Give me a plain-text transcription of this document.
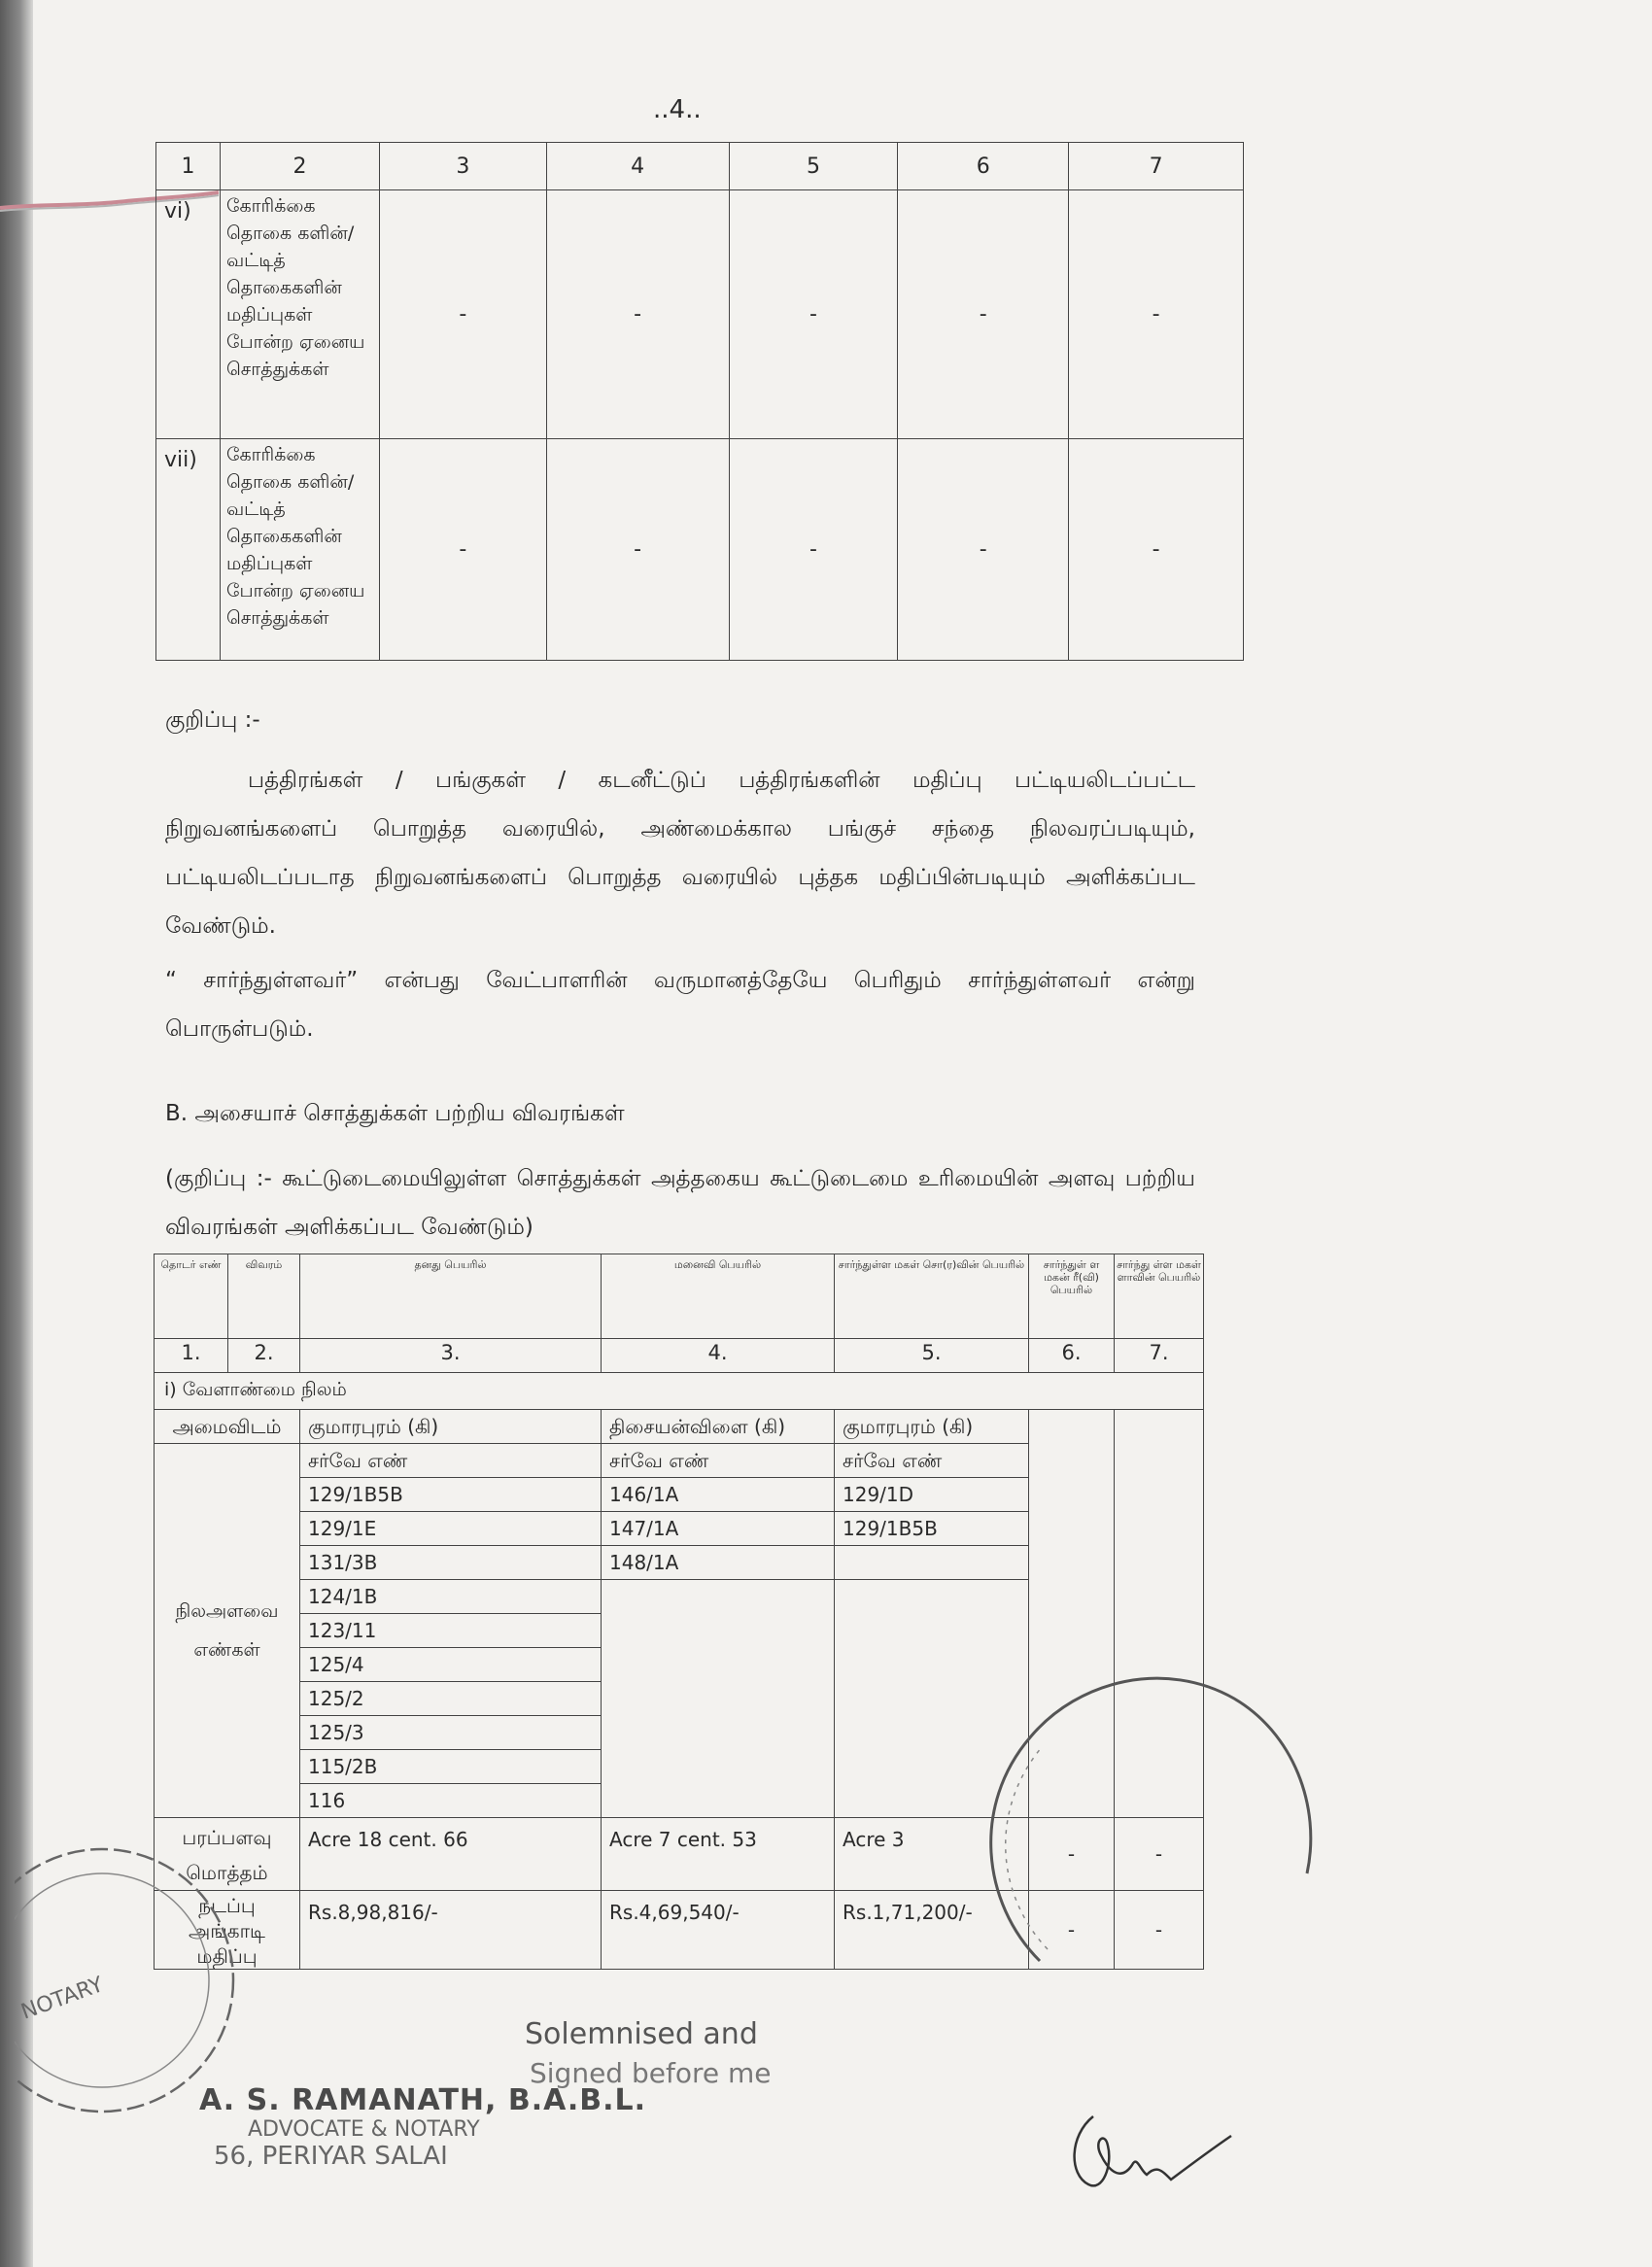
..4..
1	2	3	4	5	6	7
vi)	கோரிக்கை தொகை களின்/வட்டித் தொகைகளின் மதிப்புகள் போன்ற ஏனைய சொத்துக்கள்	-	-	-	-	-
vii)	கோரிக்கை தொகை களின்/வட்டித் தொகைகளின் மதிப்புகள் போன்ற ஏனைய சொத்துக்கள்	-	-	-	-	-
குறிப்பு :-
பத்திரங்கள் / பங்குகள் / கடனீட்டுப் பத்திரங்களின் மதிப்பு பட்டியலிடப்பட்ட நிறுவனங்களைப் பொறுத்த வரையில், அண்மைக்கால பங்குச் சந்தை நிலவரப்படியும், பட்டியலிடப்படாத நிறுவனங்களைப் பொறுத்த வரையில் புத்தக மதிப்பின்படியும் அளிக்கப்பட வேண்டும்.
“ சார்ந்துள்ளவர்” என்பது வேட்பாளரின் வருமானத்தேயே பெரிதும் சார்ந்துள்ளவர் என்று பொருள்படும்.
B. அசையாச் சொத்துக்கள் பற்றிய விவரங்கள்
(குறிப்பு :- கூட்டுடைமையிலுள்ள சொத்துக்கள் அத்தகைய கூட்டுடைமை உரிமையின் அளவு பற்றிய விவரங்கள் அளிக்கப்பட வேண்டும்)
தொடர் எண்	விவரம்	தனது பெயரில்	மனைவி பெயரில்	சார்ந்துள்ள மகள் சொ(ர)வின் பெயரில்	சார்ந்துள் ள மகன் ரீ(வி) பெயரில்	சார்ந்து ள்ள மகள் ளாவின் பெயரில்
1.	2.	3.	4.	5.	6.	7.
i) வேளாண்மை நிலம்						
அமைவிடம்		குமாரபுரம் (கி)	திசையன்விளை (கி)	குமாரபுரம் (கி)		
நிலஅளவை எண்கள்		சர்வே எண்	சர்வே எண்	சர்வே எண்		
		129/1B5B	146/1A	129/1D		
		129/1E	147/1A	129/1B5B		
		131/3B	148/1A			
		124/1B				
		123/11				
		125/4				
		125/2				
		125/3				
		115/2B				
		116				
பரப்பளவு மொத்தம்		Acre 18 cent. 66	Acre 7 cent. 53	Acre 3	-	-
நடப்பு அங்காடி மதிப்பு		Rs.8,98,816/-	Rs.4,69,540/-	Rs.1,71,200/-	-	-
NOTARY
Solemnised and
Signed before me
A. S. RAMANATH, B.A.B.L.
ADVOCATE & NOTARY
56, PERIYAR SALAI
